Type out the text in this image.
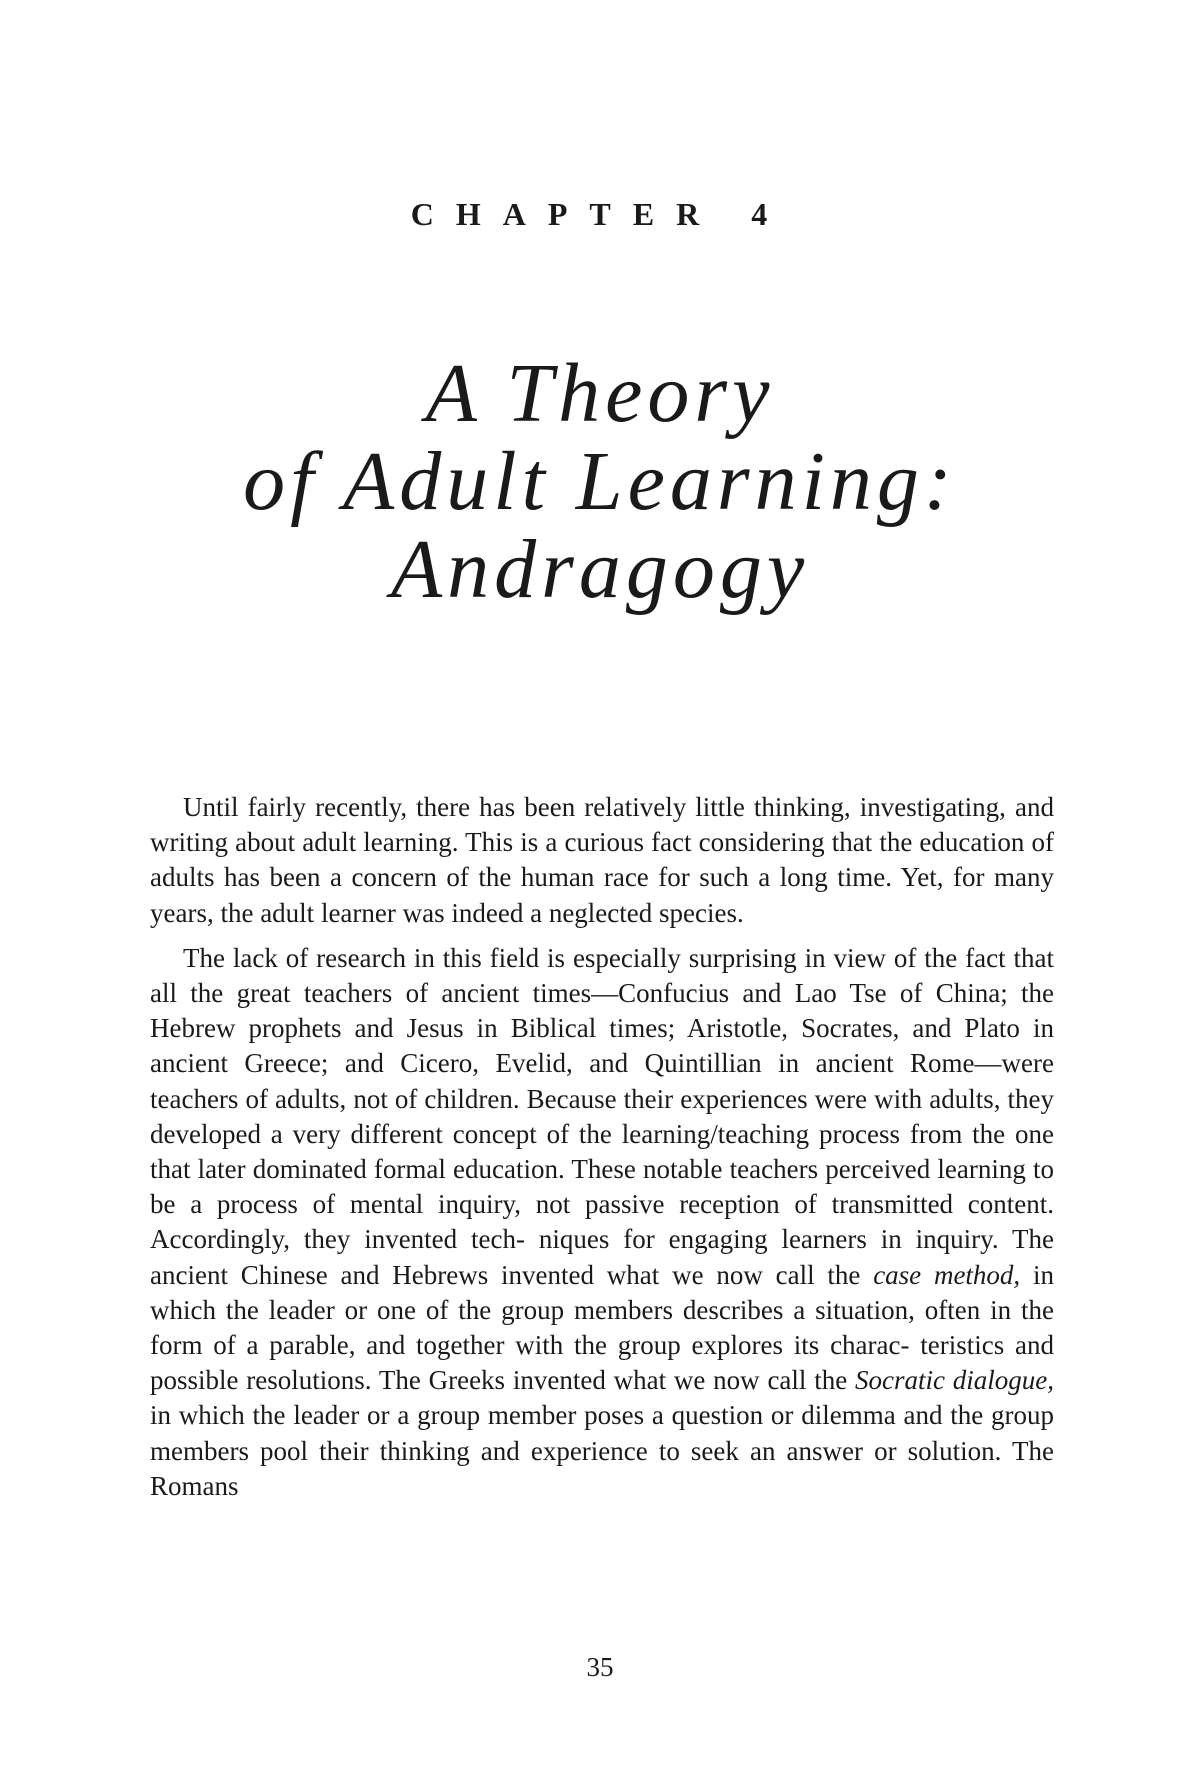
CHAPTER 4
A Theory
of Adult Learning:
Andragogy

Until fairly recently, there has been relatively little thinking, investigating, and writing about adult learning. This is a curious fact considering that the education of adults has been a concern of the human race for such a long time. Yet, for many years, the adult learner was indeed a neglected species.

The lack of research in this field is especially surprising in view of the fact that all the great teachers of ancient times—Confucius and Lao Tse of China; the Hebrew prophets and Jesus in Biblical times; Aristotle, Socrates, and Plato in ancient Greece; and Cicero, Evelid, and Quintillian in ancient Rome—were teachers of adults, not of children. Because their experiences were with adults, they developed a very different concept of the learning/teaching process from the one that later dominated formal education. These notable teachers perceived learning to be a process of mental inquiry, not passive reception of transmitted content. Accordingly, they invented tech- niques for engaging learners in inquiry. The ancient Chinese and Hebrews invented what we now call the case method, in which the leader or one of the group members describes a situation, often in the form of a parable, and together with the group explores its charac- teristics and possible resolutions. The Greeks invented what we now call the Socratic dialogue, in which the leader or a group member poses a question or dilemma and the group members pool their thinking and experience to seek an answer or solution. The Romans

35
